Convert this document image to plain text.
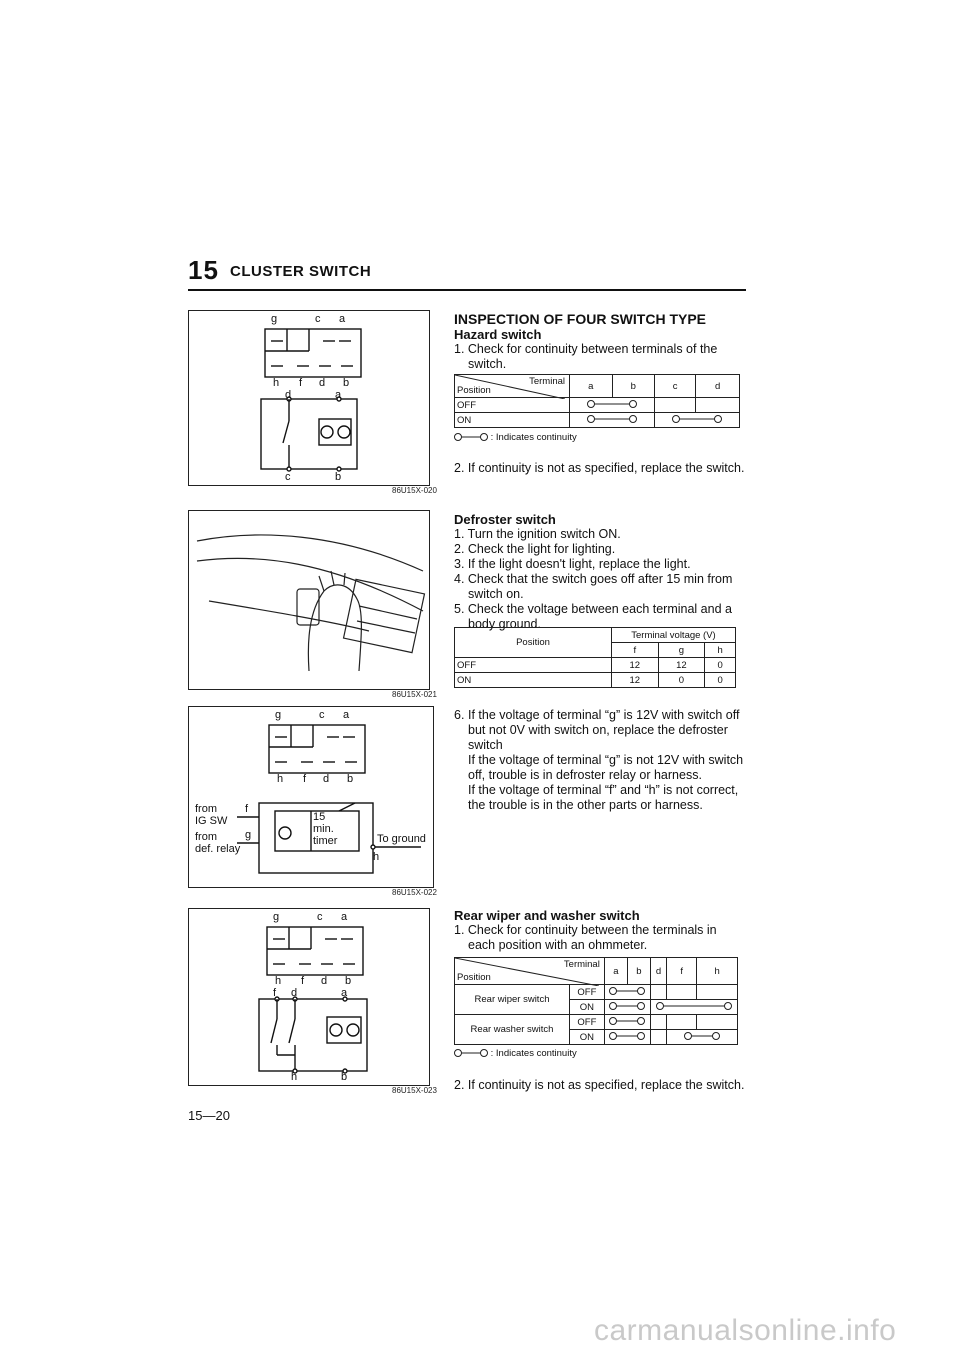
15 CLUSTER SWITCH
g	c a
h f d b
d	a
c	b
86U15X-020
86U15X-021
g	c a
h f d b
from
IG SW
from
def. relay
f
g
15
min.
timer	To ground
h
86U15X-022
g	c a
h f d b
f d	a
h	b
86U15X-023
INSPECTION OF FOUR SWITCH TYPE
Hazard switch
1. Check for continuity between terminals of the switch.
Terminal
Position	a	b	c	d
OFF			
ON		
: Indicates continuity
2. If continuity is not as specified, replace the switch.
Defroster switch
1. Turn the ignition switch ON.
2. Check the light for lighting.
3. If the light doesn't light, replace the light.
4. Check that the switch goes off after 15 min from switch on.
5. Check the voltage between each terminal and a body ground.
Position	Terminal voltage (V)		
	f	g	h
OFF	12	12	0
ON	12	0	0
6. If the voltage of terminal “g” is 12V with switch off but not 0V with switch on, replace the defroster switch
If the voltage of terminal “g” is not 12V with switch off, trouble is in defroster relay or harness.
If the voltage of terminal “f” and “h” is not correct, the trouble is in the other parts or harness.
Rear wiper and washer switch
1. Check for continuity between the terminals in each position with an ohmmeter.
Terminal
Position		a	b	d	f	h
Rear wiper switch	OFF				
	ON		
Rear washer switch	OFF				
	ON			
: Indicates continuity
2. If continuity is not as specified, replace the switch.
15—20
carmanualsonline.info
